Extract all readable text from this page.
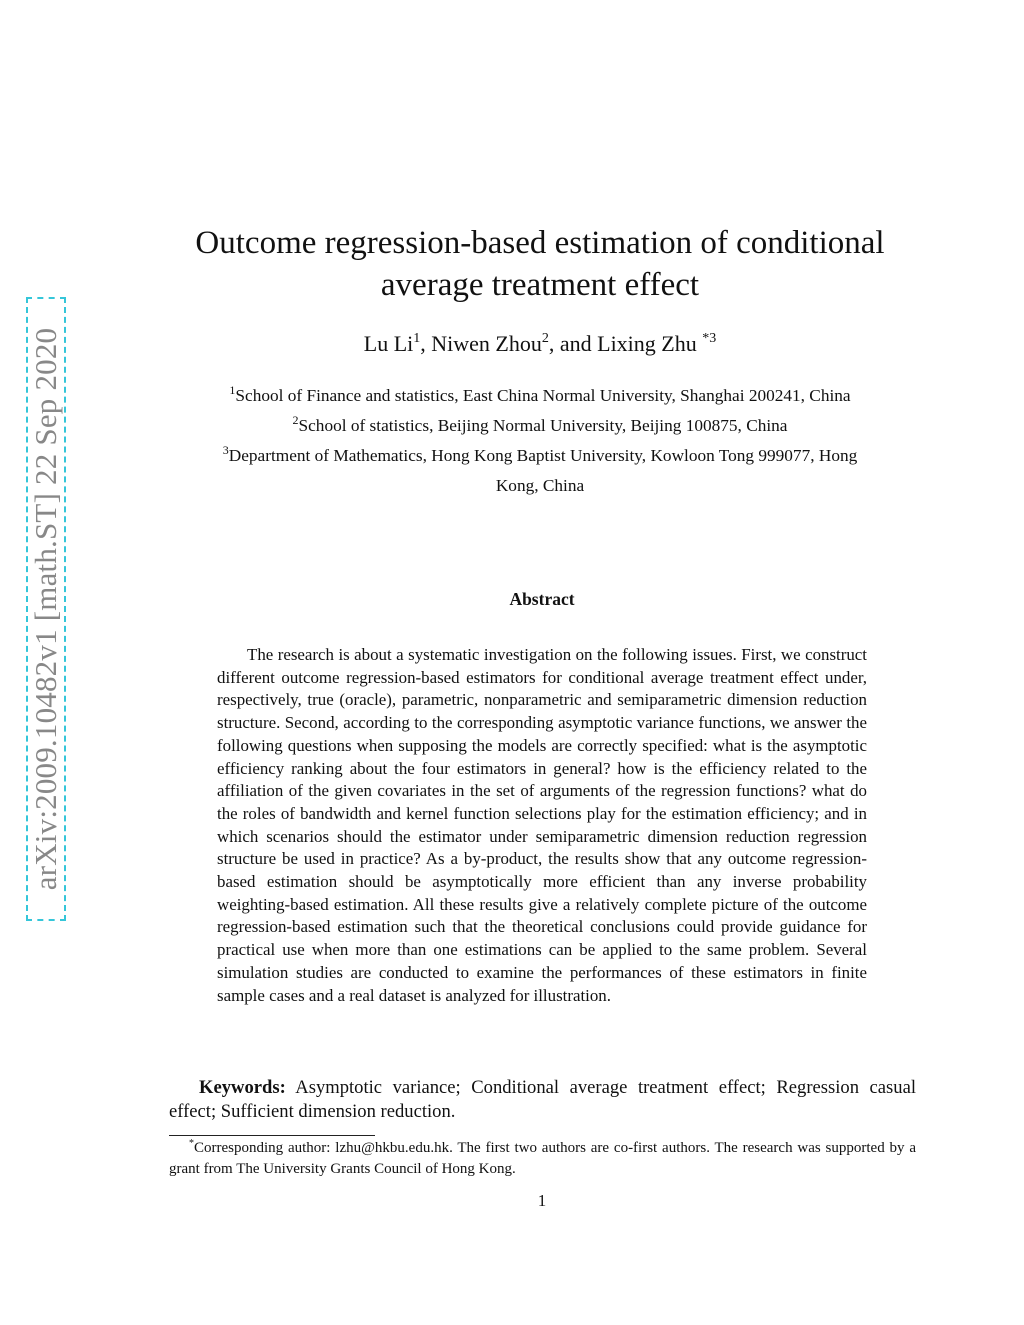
arXiv:2009.10482v1 [math.ST] 22 Sep 2020
Outcome regression-based estimation of conditional
average treatment effect
Lu Li$^1$, Niwen Zhou$^2$, and Lixing Zhu $^{*3}$
$^1$School of Finance and statistics, East China Normal University, Shanghai 200241, China
$^2$School of statistics, Beijing Normal University, Beijing 100875, China
$^3$Department of Mathematics, Hong Kong Baptist University, Kowloon Tong 999077, Hong
Kong, China
Abstract
The research is about a systematic investigation on the following issues. First, we construct different outcome regression-based estimators for conditional average treatment effect under, respectively, true (oracle), parametric, nonparametric and semiparametric dimension reduction structure. Second, according to the corresponding asymptotic variance functions, we answer the following questions when supposing the models are correctly specified: what is the asymptotic efficiency ranking about the four estimators in general? how is the efficiency related to the affiliation of the given covariates in the set of arguments of the regression functions? what do the roles of bandwidth and kernel function selections play for the estimation efficiency; and in which scenarios should the estimator under semiparametric dimension reduction regression structure be used in practice? As a by-product, the results show that any outcome regression-based estimation should be asymptotically more efficient than any inverse probability weighting-based estimation. All these results give a relatively complete picture of the outcome regression-based estimation such that the theoretical conclusions could provide guidance for practical use when more than one estimations can be applied to the same problem. Several simulation studies are conducted to examine the performances of these estimators in finite sample cases and a real dataset is analyzed for illustration.
Keywords: Asymptotic variance; Conditional average treatment effect; Regression casual effect; Sufficient dimension reduction.
*Corresponding author: lzhu@hkbu.edu.hk. The first two authors are co-first authors. The research was supported by a grant from The University Grants Council of Hong Kong.
1
